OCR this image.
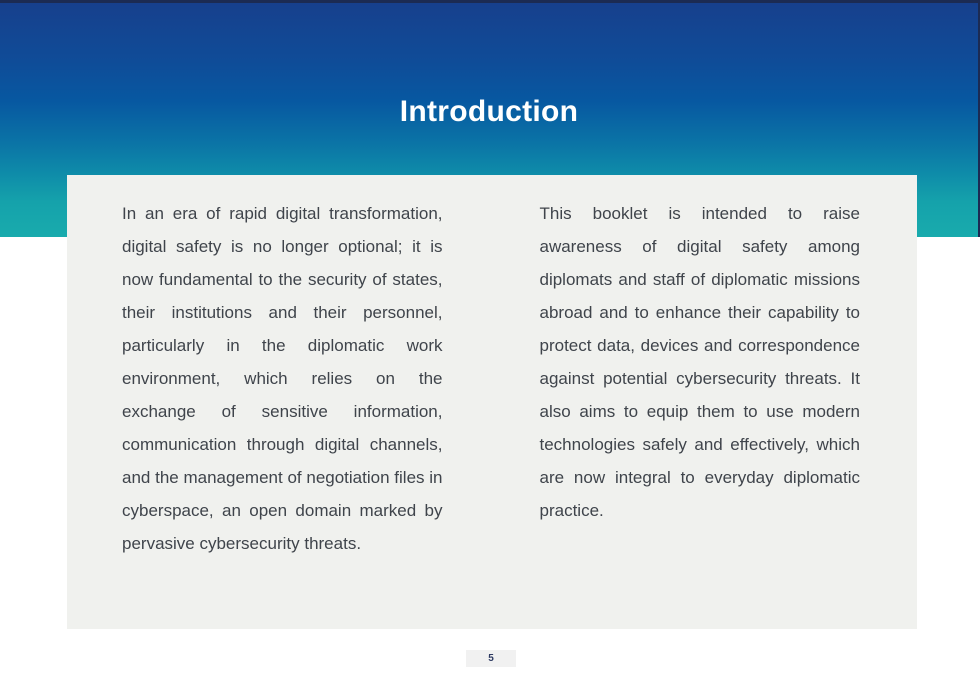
Introduction

In an era of rapid digital transformation, digital safety is no longer optional; it is now fundamental to the security of states, their institutions and their personnel, particularly in the diplomatic work environment, which relies on the exchange of sensitive information, communication through digital channels, and the management of negotiation files in cyberspace, an open domain marked by pervasive cybersecurity threats.

This booklet is intended to raise awareness of digital safety among diplomats and staff of diplomatic missions abroad and to enhance their capability to protect data, devices and correspondence against potential cybersecurity threats. It also aims to equip them to use modern technologies safely and effectively, which are now integral to everyday diplomatic practice.

5
